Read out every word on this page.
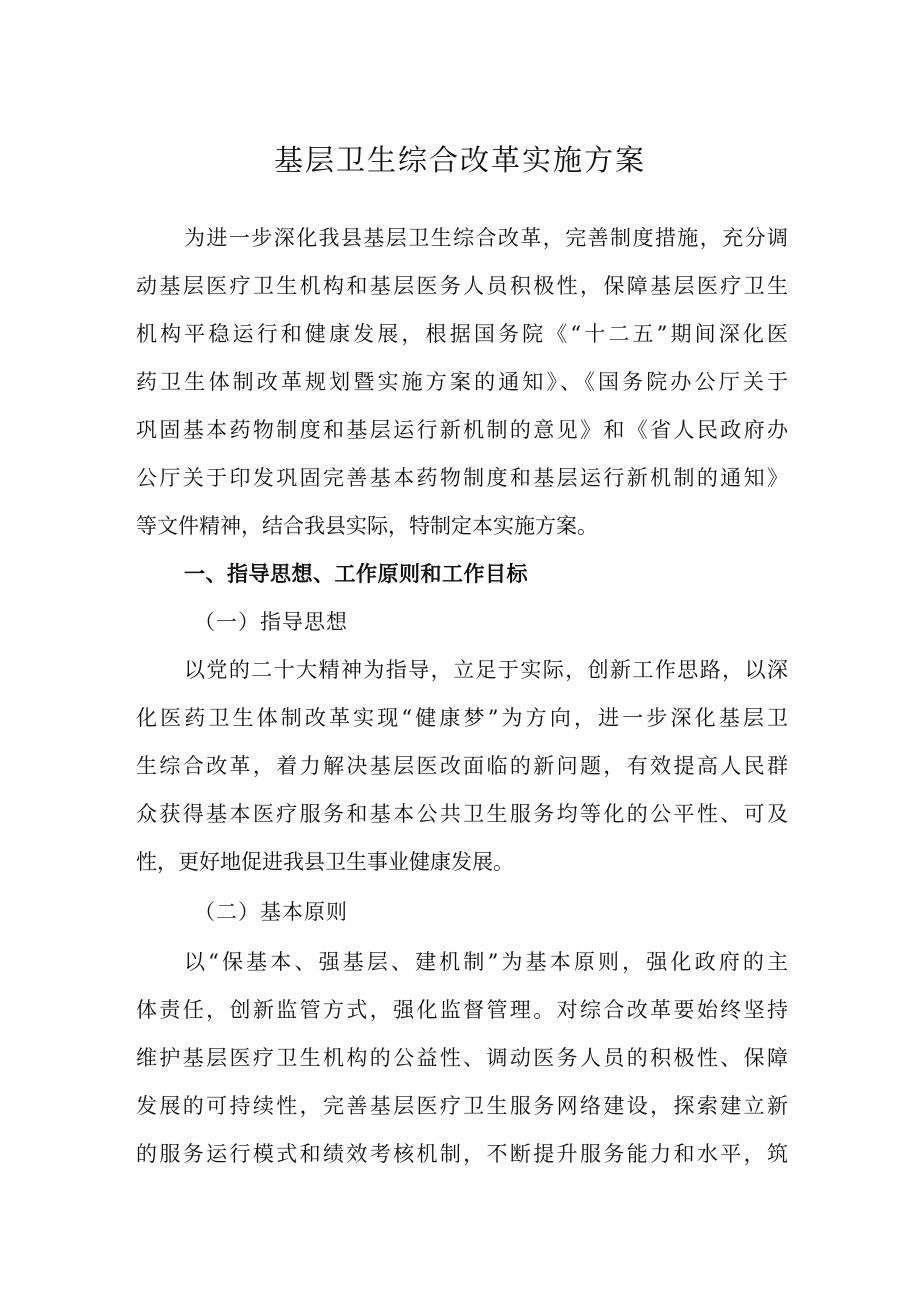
基层卫生综合改革实施方案
为进一步深化我县基层卫生综合改革，完善制度措施，充分调
动基层医疗卫生机构和基层医务人员积极性，保障基层医疗卫生
机构平稳运行和健康发展，根据国务院《“十二五”期间深化医
药卫生体制改革规划暨实施方案的通知》、《国务院办公厅关于
巩固基本药物制度和基层运行新机制的意见》和《省人民政府办
公厅关于印发巩固完善基本药物制度和基层运行新机制的通知》
等文件精神，结合我县实际，特制定本实施方案。
一、指导思想、工作原则和工作目标
（一）指导思想
以党的二十大精神为指导，立足于实际，创新工作思路，以深
化医药卫生体制改革实现“健康梦”为方向，进一步深化基层卫
生综合改革，着力解决基层医改面临的新问题，有效提高人民群
众获得基本医疗服务和基本公共卫生服务均等化的公平性、可及
性，更好地促进我县卫生事业健康发展。
（二）基本原则
以“保基本、强基层、建机制”为基本原则，强化政府的主
体责任，创新监管方式，强化监督管理。对综合改革要始终坚持
维护基层医疗卫生机构的公益性、调动医务人员的积极性、保障
发展的可持续性，完善基层医疗卫生服务网络建设，探索建立新
的服务运行模式和绩效考核机制，不断提升服务能力和水平，筑
